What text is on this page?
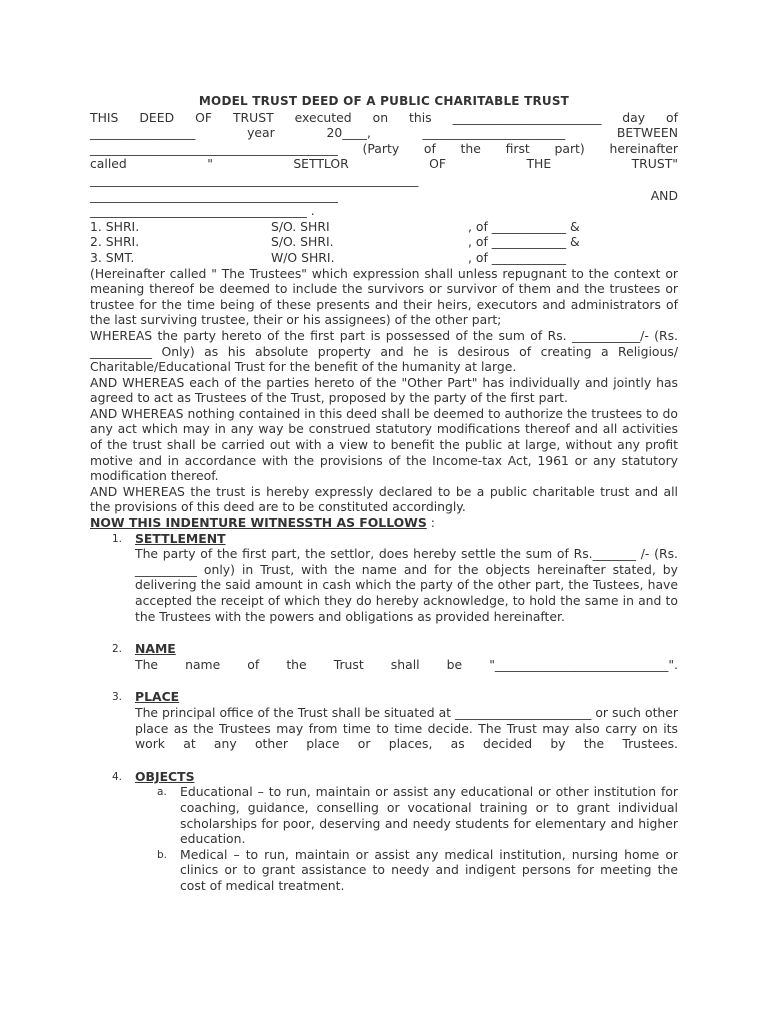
MODEL TRUST DEED OF A PUBLIC CHARITABLE TRUST
THIS DEED OF TRUST executed on this ________________________ day of
_________________ year 20____, _______________________ BETWEEN
________________________________________ (Party of the first part) hereinafter
called " SETTLOR OF THE TRUST"
_____________________________________________________
________________________________________ AND
___________________________________ .
1. SHRI.	S/O. SHRI	, of ____________ &
2. SHRI.	S/O. SHRI.	, of ____________ &
3. SMT.	W/O SHRI.	, of ____________
(Hereinafter called " The Trustees" which expression shall unless repugnant to the context or meaning thereof be deemed to include the survivors or survivor of them and the trustees or trustee for the time being of these presents and their heirs, executors and administrators of the last surviving trustee, their or his assignees) of the other part;
WHEREAS the party hereto of the first part is possessed of the sum of Rs. ___________/- (Rs. __________ Only) as his absolute property and he is desirous of creating a Religious/ Charitable/Educational Trust for the benefit of the humanity at large.
AND WHEREAS each of the parties hereto of the "Other Part" has individually and jointly has agreed to act as Trustees of the Trust, proposed by the party of the first part.
AND WHEREAS nothing contained in this deed shall be deemed to authorize the trustees to do any act which may in any way be construed statutory modifications thereof and all activities of the trust shall be carried out with a view to benefit the public at large, without any profit motive and in accordance with the provisions of the Income-tax Act, 1961 or any statutory modification thereof.
AND WHEREAS the trust is hereby expressly declared to be a public charitable trust and all the provisions of this deed are to be constituted accordingly.
NOW THIS INDENTURE WITNESSTH AS FOLLOWS :
1. SETTLEMENT
The party of the first part, the settlor, does hereby settle the sum of Rs._______ /- (Rs. __________ only) in Trust, with the name and for the objects hereinafter stated, by delivering the said amount in cash which the party of the other part, the Tustees, have accepted the receipt of which they do hereby acknowledge, to hold the same in and to the Trustees with the powers and obligations as provided hereinafter.
2. NAME
The name of the Trust shall be "____________________________".
3. PLACE
The principal office of the Trust shall be situated at ______________________ or such other place as the Trustees may from time to time decide. The Trust may also carry on its work at any other place or places, as decided by the Trustees.
4. OBJECTS
a. Educational – to run, maintain or assist any educational or other institution for coaching, guidance, conselling or vocational training or to grant individual scholarships for poor, deserving and needy students for elementary and higher education.
b. Medical – to run, maintain or assist any medical institution, nursing home or clinics or to grant assistance to needy and indigent persons for meeting the cost of medical treatment.
